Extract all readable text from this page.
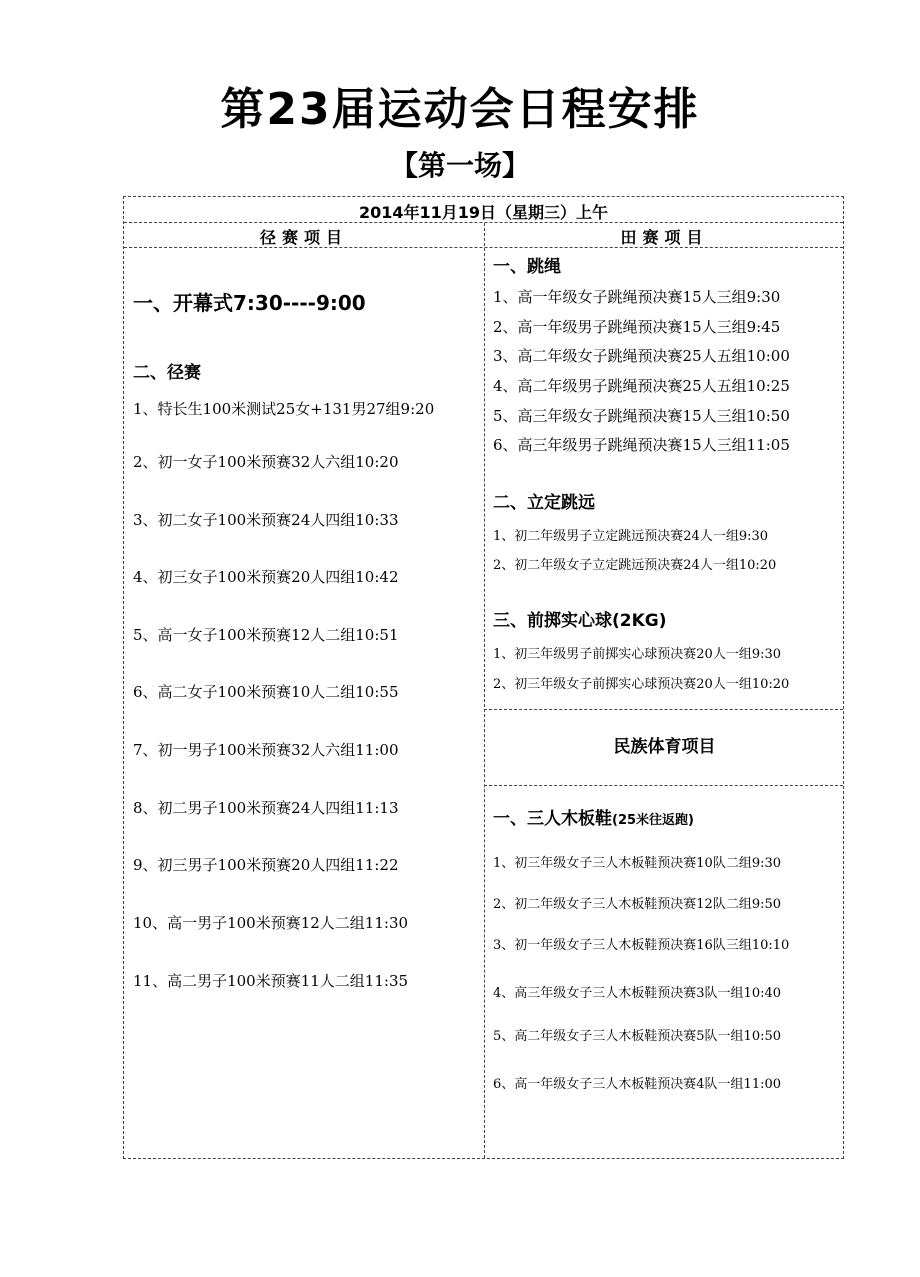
第23届运动会日程安排
【第一场】
2014年11月19日（星期三）上午
径赛项目	田赛项目
一、开幕式7:30----9:00
二、径赛
1、特长生100米测试25女+131男27组9:20
2、初一女子100米预赛32人六组10:20
3、初二女子100米预赛24人四组10:33
4、初三女子100米预赛20人四组10:42
5、高一女子100米预赛12人二组10:51
6、高二女子100米预赛10人二组10:55
7、初一男子100米预赛32人六组11:00
8、初二男子100米预赛24人四组11:13
9、初三男子100米预赛20人四组11:22
10、高一男子100米预赛12人二组11:30
11、高二男子100米预赛11人二组11:35
一、跳绳
1、高一年级女子跳绳预决赛15人三组9:30
2、高一年级男子跳绳预决赛15人三组9:45
3、高二年级女子跳绳预决赛25人五组10:00
4、高二年级男子跳绳预决赛25人五组10:25
5、高三年级女子跳绳预决赛15人三组10:50
6、高三年级男子跳绳预决赛15人三组11:05
二、立定跳远
1、初二年级男子立定跳远预决赛24人一组9:30
2、初二年级女子立定跳远预决赛24人一组10:20
三、前掷实心球(2KG)
1、初三年级男子前掷实心球预决赛20人一组9:30
2、初三年级女子前掷实心球预决赛20人一组10:20
民族体育项目
一、三人木板鞋(25米往返跑)
1、初三年级女子三人木板鞋预决赛10队二组9:30
2、初二年级女子三人木板鞋预决赛12队二组9:50
3、初一年级女子三人木板鞋预决赛16队三组10:10
4、高三年级女子三人木板鞋预决赛3队一组10:40
5、高二年级女子三人木板鞋预决赛5队一组10:50
6、高一年级女子三人木板鞋预决赛4队一组11:00
